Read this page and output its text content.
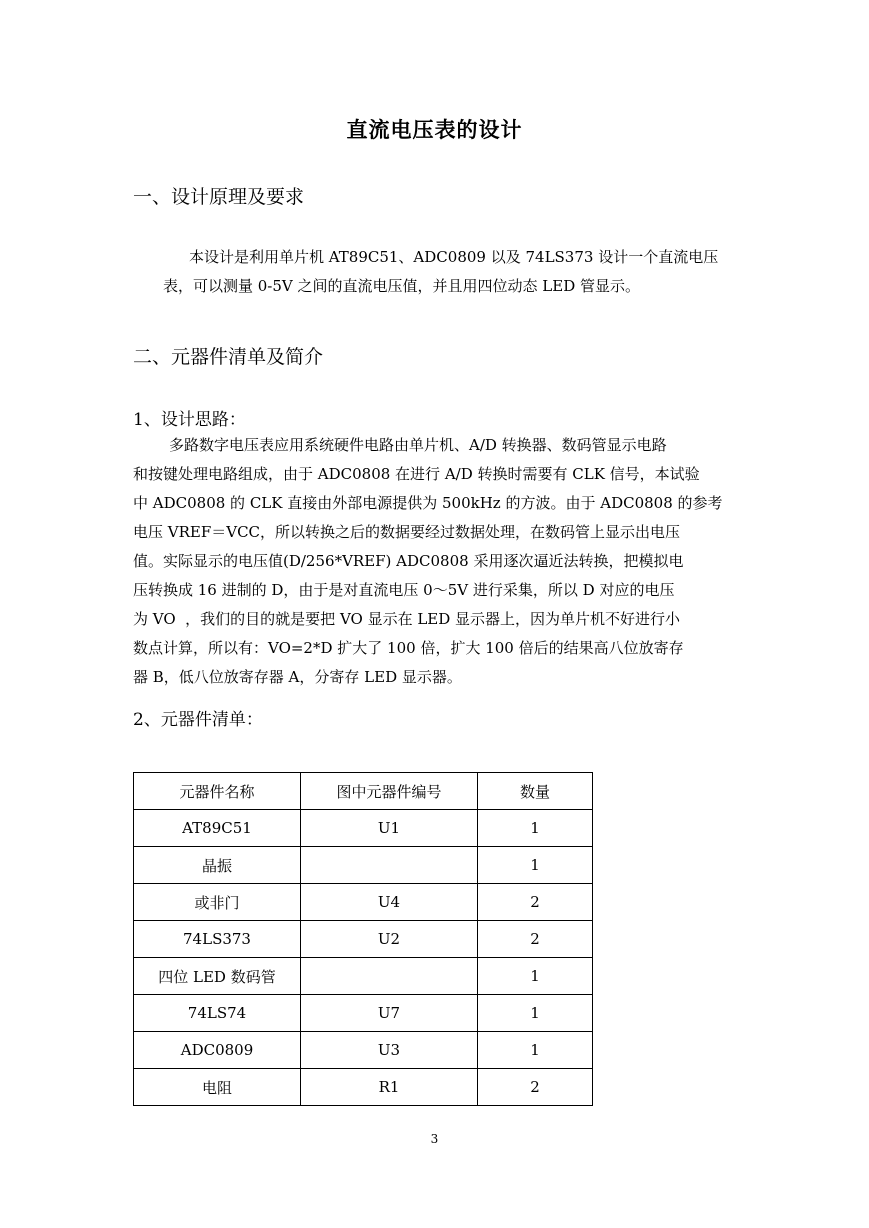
直流电压表的设计
一、设计原理及要求
本设计是利用单片机 AT89C51、ADC0809 以及 74LS373 设计一个直流电压
表，可以测量 0-5V 之间的直流电压值，并且用四位动态 LED 管显示。
二、元器件清单及简介
1、设计思路：
多路数字电压表应用系统硬件电路由单片机、A/D 转换器、数码管显示电路
和按键处理电路组成，由于 ADC0808 在进行 A/D 转换时需要有 CLK 信号，本试验
中 ADC0808 的 CLK 直接由外部电源提供为 500kHz 的方波。由于 ADC0808 的参考
电压 VREF＝VCC，所以转换之后的数据要经过数据处理，在数码管上显示出电压
值。实际显示的电压值(D/256*VREF) ADC0808 采用逐次逼近法转换，把模拟电
压转换成 16 进制的 D，由于是对直流电压 0～5V 进行采集，所以 D 对应的电压
为 VO  ，我们的目的就是要把 VO 显示在 LED 显示器上，因为单片机不好进行小
数点计算，所以有：VO=2*D 扩大了 100 倍，扩大 100 倍后的结果高八位放寄存
器 B，低八位放寄存器 A，分寄存 LED 显示器。
2、元器件清单：
元器件名称	图中元器件编号	数量
AT89C51	U1	1
晶振		1
或非门	U4	2
74LS373	U2	2
四位 LED 数码管		1
74LS74	U7	1
ADC0809	U3	1
电阻	R1	2
3
